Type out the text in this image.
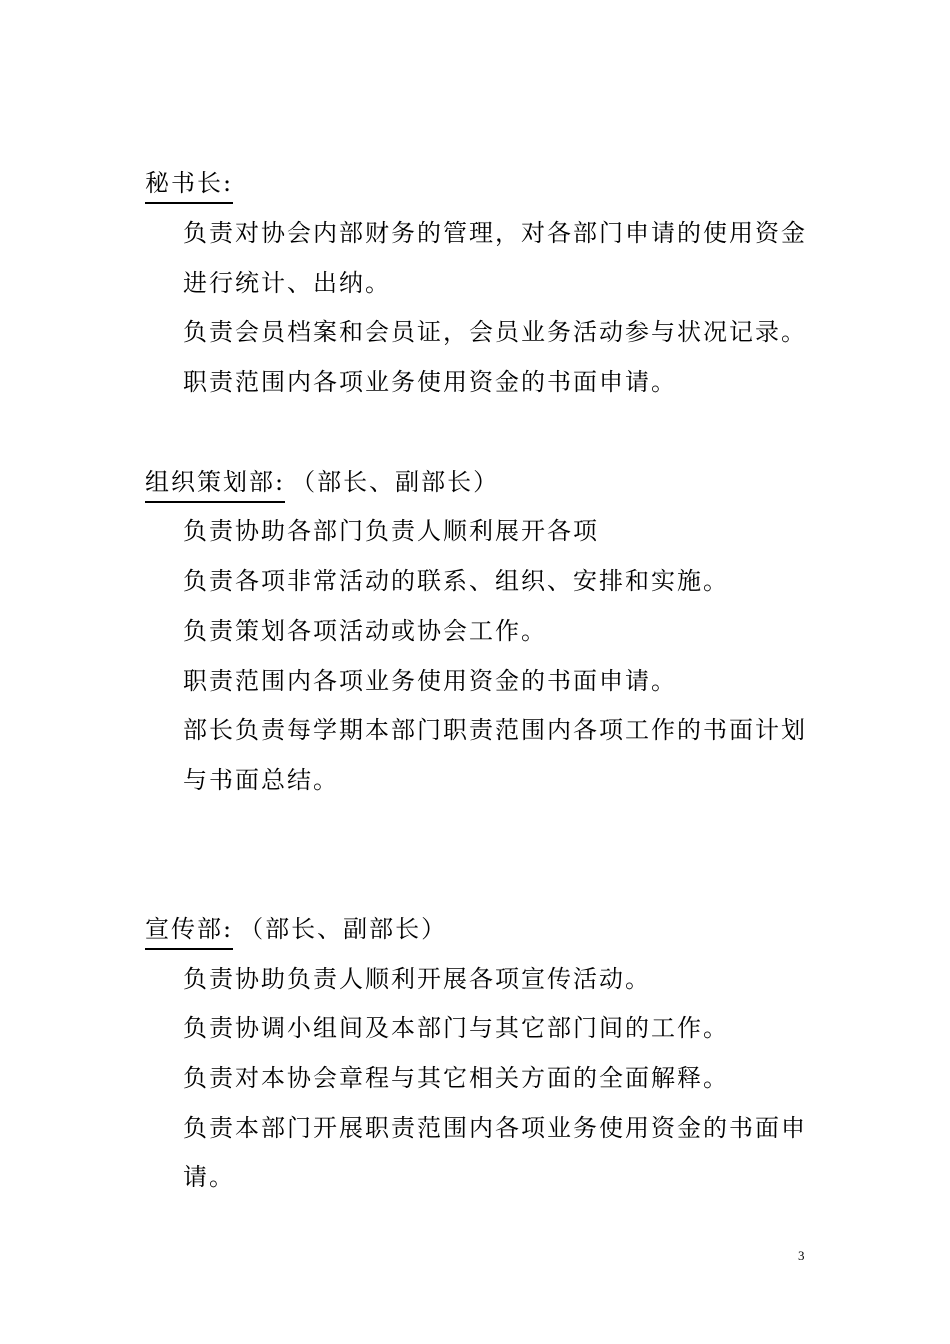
秘书长:
负责对协会内部财务的管理，对各部门申请的使用资金
进行统计、出纳。
负责会员档案和会员证，会员业务活动参与状况记录。
职责范围内各项业务使用资金的书面申请。
组织策划部: （部长、副部长）
负责协助各部门负责人顺利展开各项
负责各项非常活动的联系、组织、安排和实施。
负责策划各项活动或协会工作。
职责范围内各项业务使用资金的书面申请。
部长负责每学期本部门职责范围内各项工作的书面计划
与书面总结。
宣传部: （部长、副部长）
负责协助负责人顺利开展各项宣传活动。
负责协调小组间及本部门与其它部门间的工作。
负责对本协会章程与其它相关方面的全面解释。
负责本部门开展职责范围内各项业务使用资金的书面申
请。
3
